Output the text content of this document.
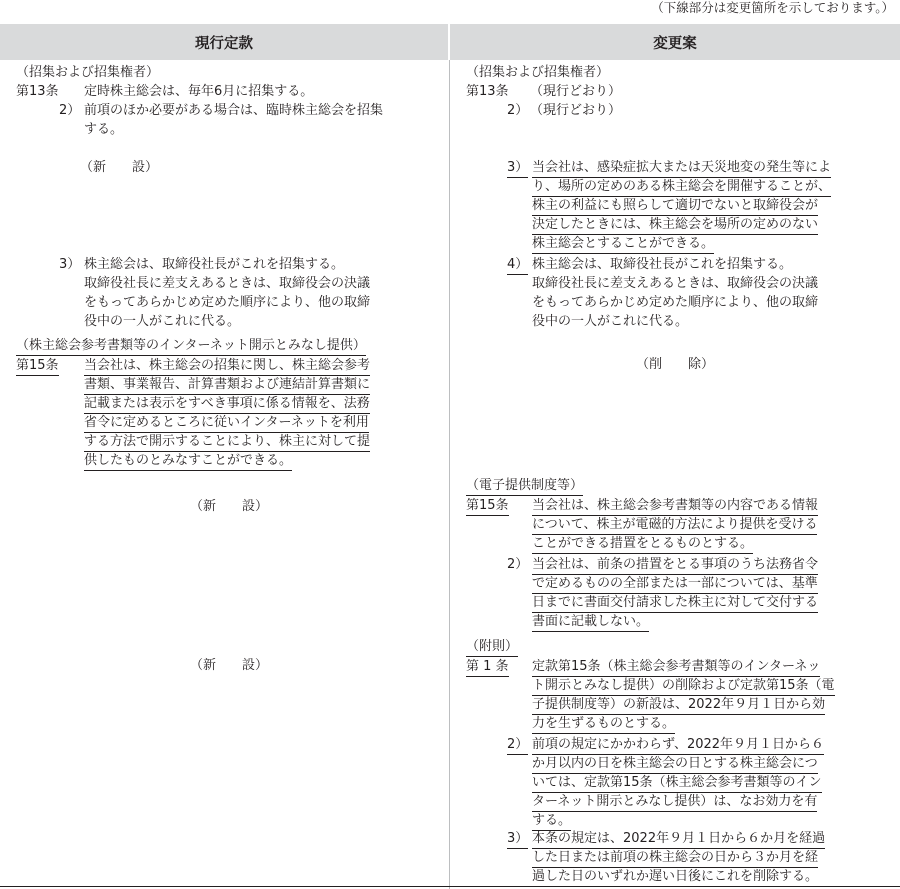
（下線部分は変更箇所を示しております。）
現行定款	変更案
（招集および招集権者）
第13条 定時株主総会は、毎年6月に招集する。
2） 前項のほか必要がある場合は、臨時株主総会を招集
する。
（新　　設）
3） 株主総会は、取締役社長がこれを招集する。
取締役社長に差支えあるときは、取締役会の決議
をもってあらかじめ定めた順序により、他の取締
役中の一人がこれに代る。
（株主総会参考書類等のインターネット開示とみなし提供）
第15条 当会社は、株主総会の招集に関し、株主総会参考
書類、事業報告、計算書類および連結計算書類に
記載または表示をすべき事項に係る情報を、法務
省令に定めるところに従いインターネットを利用
する方法で開示することにより、株主に対して提
供したものとみなすことができる。
（新　　設）
（新　　設）
（招集および招集権者）
第13条 （現行どおり）
2） （現行どおり）
3） 当会社は、感染症拡大または天災地変の発生等によ
り、場所の定めのある株主総会を開催することが、
株主の利益にも照らして適切でないと取締役会が
決定したときには、株主総会を場所の定めのない
株主総会とすることができる。
4） 株主総会は、取締役社長がこれを招集する。
取締役社長に差支えあるときは、取締役会の決議
をもってあらかじめ定めた順序により、他の取締
役中の一人がこれに代る。
（削　　除）
（電子提供制度等）
第15条 当会社は、株主総会参考書類等の内容である情報
について、株主が電磁的方法により提供を受ける
ことができる措置をとるものとする。
2） 当会社は、前条の措置をとる事項のうち法務省令
で定めるものの全部または一部については、基準
日までに書面交付請求した株主に対して交付する
書面に記載しない。
（附則）
第 1 条 定款第15条（株主総会参考書類等のインターネッ
ト開示とみなし提供）の削除および定款第15条（電
子提供制度等）の新設は、2022年９月１日から効
力を生ずるものとする。
2） 前項の規定にかかわらず、2022年９月１日から６
か月以内の日を株主総会の日とする株主総会につ
いては、定款第15条（株主総会参考書類等のイン
ターネット開示とみなし提供）は、なお効力を有
する。
3） 本条の規定は、2022年９月１日から６か月を経過
した日または前項の株主総会の日から３か月を経
過した日のいずれか遅い日後にこれを削除する。
